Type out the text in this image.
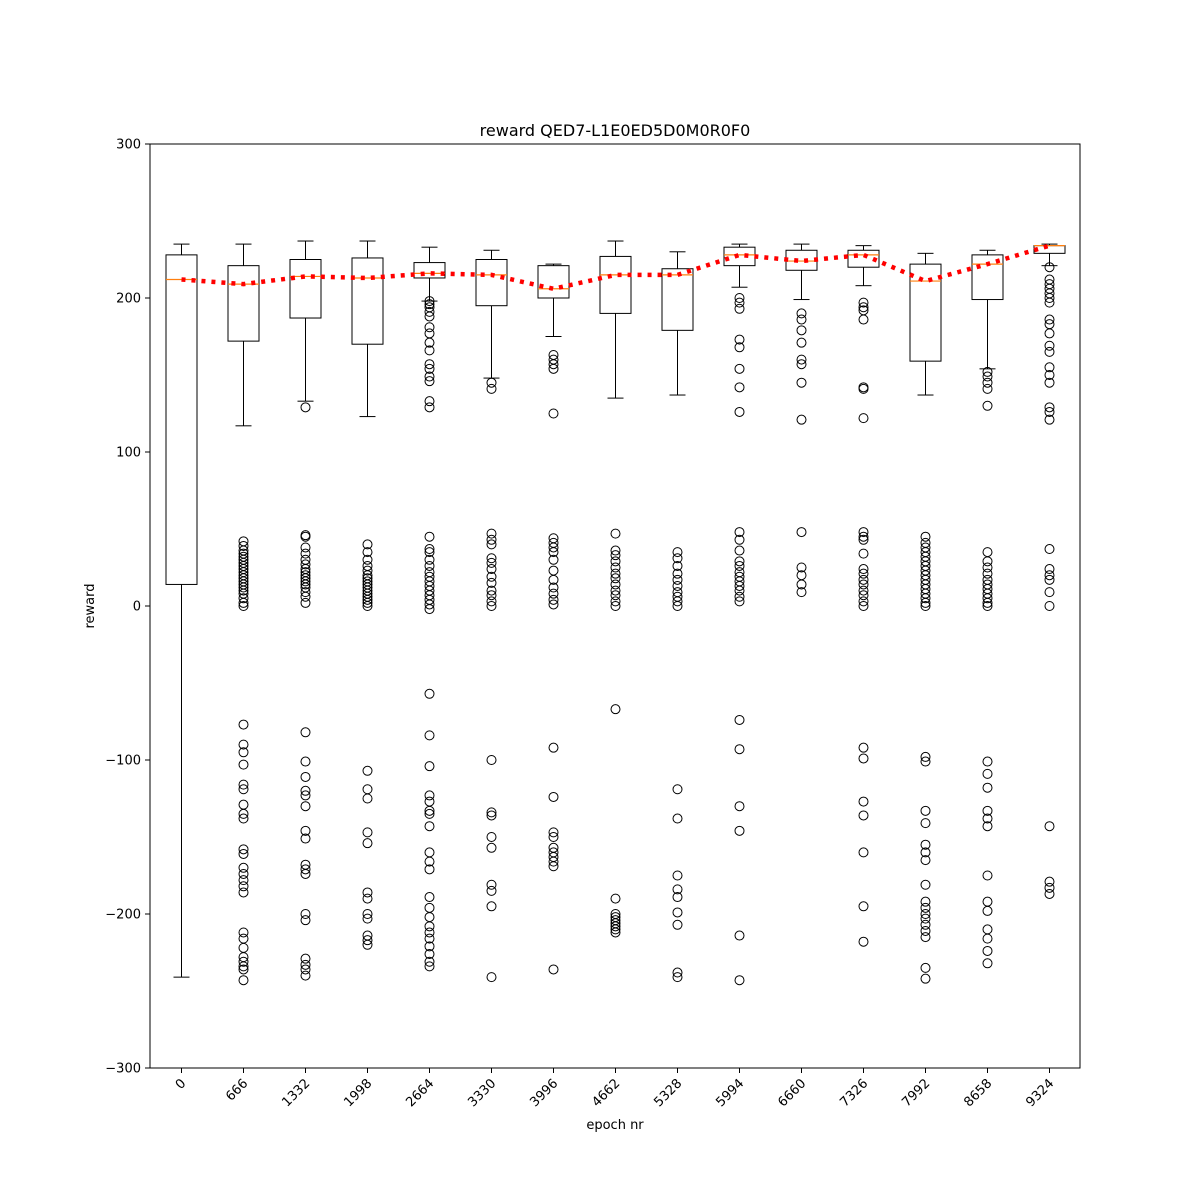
reward QED7-L1E0ED5D0M0R0F0
−300
−200
−100
0
100
200
300
0	666 1332 1998 2664 3330 3996 4662 5328 5994 6660 7326 7992 8658 9324
epoch nr
reward
